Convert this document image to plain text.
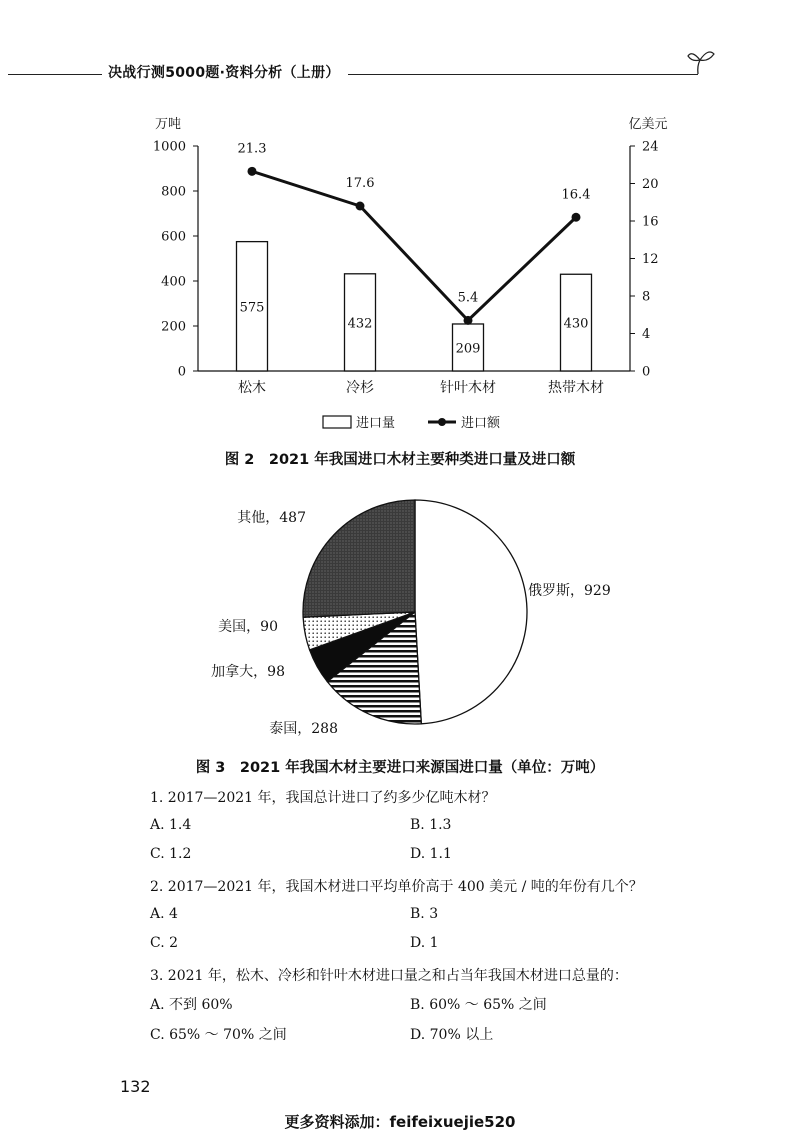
决战行测5000题·资料分析（上册）
万吨
0
200
400
600
800
1000
亿美元
0
4
8
12
16
20
24
575
432
209
430
21.3
17.6
5.4
16.4
松木	冷杉	针叶木材	热带木材
进口量	进口额
图 2　2021 年我国进口木材主要种类进口量及进口额
俄罗斯，929
泰国，288
加拿大，98
美国，90
其他，487
图 3　2021 年我国木材主要进口来源国进口量（单位：万吨）
1. 2017—2021 年，我国总计进口了约多少亿吨木材？
A. 1.4	B. 1.3
C. 1.2	D. 1.1
2. 2017—2021 年，我国木材进口平均单价高于 400 美元 / 吨的年份有几个？
A. 4	B. 3
C. 2	D. 1
3. 2021 年，松木、冷杉和针叶木材进口量之和占当年我国木材进口总量的：
A. 不到 60%	B. 60% ～ 65% 之间
C. 65% ～ 70% 之间	D. 70% 以上
132
更多资料添加：feifeixuejie520
